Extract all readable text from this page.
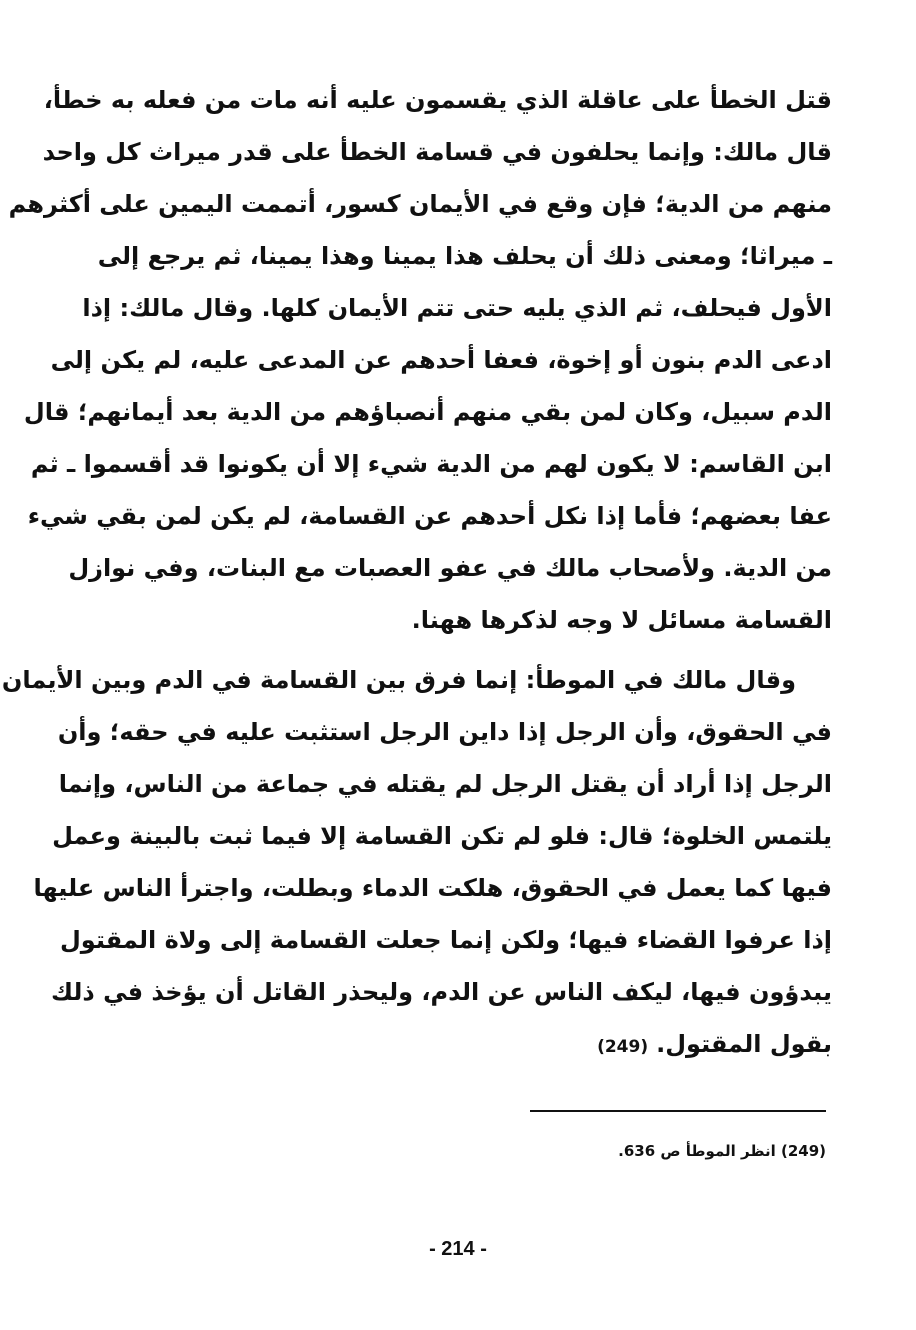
قتل الخطأ على عاقلة الذي يقسمون عليه أنه مات من فعله به خطأ،
قال مالك: وإنما يحلفون في قسامة الخطأ على قدر ميراث كل واحد
منهم من الدية؛ فإن وقع في الأيمان كسور، أتممت اليمين على أكثرهم
ـ ميراثا؛ ومعنى ذلك أن يحلف هذا يمينا وهذا يمينا، ثم يرجع إلى
الأول فيحلف، ثم الذي يليه حتى تتم الأيمان كلها. وقال مالك: إذا
ادعى الدم بنون أو إخوة، فعفا أحدهم عن المدعى عليه، لم يكن إلى
الدم سبيل، وكان لمن بقي منهم أنصباؤهم من الدية بعد أيمانهم؛ قال
ابن القاسم: لا يكون لهم من الدية شيء إلا أن يكونوا قد أقسموا ـ ثم
عفا بعضهم؛ فأما إذا نكل أحدهم عن القسامة، لم يكن لمن بقي شيء
من الدية. ولأصحاب مالك في عفو العصبات مع البنات، وفي نوازل
القسامة مسائل لا وجه لذكرها ههنا.
وقال مالك في الموطأ: إنما فرق بين القسامة في الدم وبين الأيمان
في الحقوق، وأن الرجل إذا داين الرجل استثبت عليه في حقه؛ وأن
الرجل إذا أراد أن يقتل الرجل لم يقتله في جماعة من الناس، وإنما
يلتمس الخلوة؛ قال: فلو لم تكن القسامة إلا فيما ثبت بالبينة وعمل
فيها كما يعمل في الحقوق، هلكت الدماء وبطلت، واجترأ الناس عليها
إذا عرفوا القضاء فيها؛ ولكن إنما جعلت القسامة إلى ولاة المقتول
يبدؤون فيها، ليكف الناس عن الدم، وليحذر القاتل أن يؤخذ في ذلك
بقول المقتول.(249)
(249) انظر الموطأ ص 636.
- 214 -
